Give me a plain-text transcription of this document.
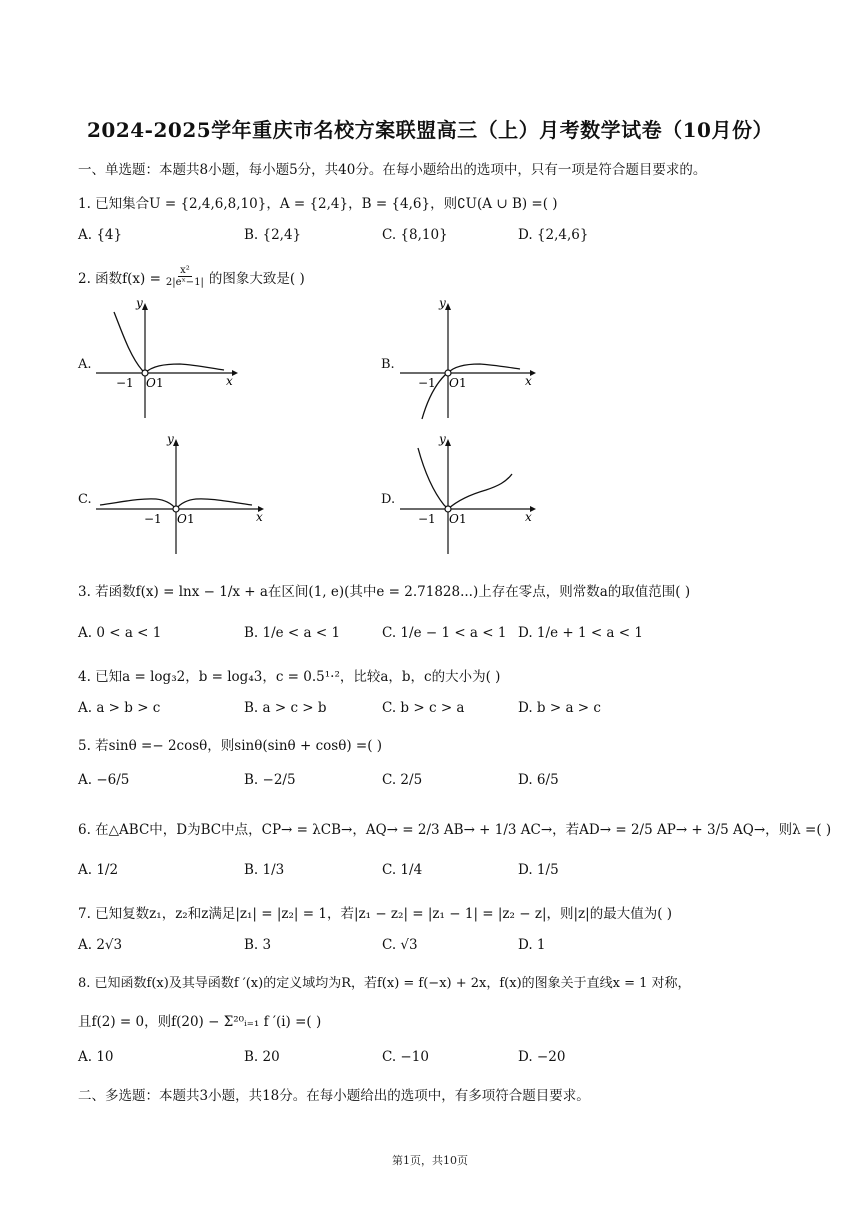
2024-2025学年重庆市名校方案联盟高三（上）月考数学试卷（10月份）
一、单选题：本题共8小题，每小题5分，共40分。在每小题给出的选项中，只有一项是符合题目要求的。
1. 已知集合U = {2,4,6,8,10}，A = {2,4}，B = {4,6}，则∁U(A ∪ B) =( )
A. {4}	B. {2,4}	C. {8,10}	D. {2,4,6}
2. 函数$f(x) = \frac{\text{x²}}{\text{2|eˣ−1|}}$ 的图象大致是( )
A.	B.
C.	D.
y
x
−1 O 1
y
x
−1 O 1
y
x
−1 O 1
y
x
−1 O 1
3. 若函数f(x) = lnx − 1/x + a在区间(1, e)(其中e = 2.71828...)上存在零点，则常数a的取值范围( )
A. 0 < a < 1	B. 1/e < a < 1	C. 1/e − 1 < a < 1 D. 1/e + 1 < a < 1
4. 已知a = log₃2，b = log₄3，c = 0.5¹·²，比较a，b，c的大小为( )
A. a > b > c	B. a > c > b	C. b > c > a	D. b > a > c
5. 若sinθ =− 2cosθ，则sinθ(sinθ + cosθ) =( )
A. −6/5	B. −2/5	C. 2/5	D. 6/5
6. 在△ABC中，D为BC中点，CP→ = λCB→，AQ→ = 2/3 AB→ + 1/3 AC→，若AD→ = 2/5 AP→ + 3/5 AQ→，则λ =( )
A. 1/2	B. 1/3	C. 1/4	D. 1/5
7. 已知复数z₁，z₂和z满足|z₁| = |z₂| = 1，若|z₁ − z₂| = |z₁ − 1| = |z₂ − z|，则|z|的最大值为( )
A. 2√3	B. 3	C. √3	D. 1
8. 已知函数f(x)及其导函数f ′(x)的定义域均为R，若f(x) = f(−x) + 2x，f(x)的图象关于直线x = 1 对称，
且f(2) = 0，则f(20) − Σ²⁰ᵢ₌₁ f ′(i) =( )
A. 10	B. 20	C. −10	D. −20
二、多选题：本题共3小题，共18分。在每小题给出的选项中，有多项符合题目要求。
第1页，共10页
